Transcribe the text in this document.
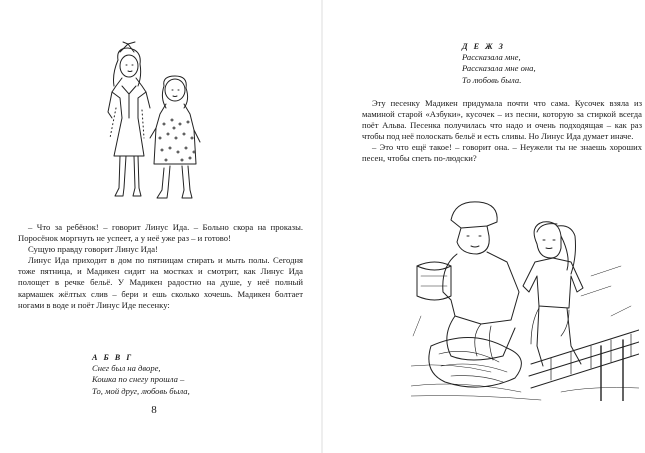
– Что за ребёнок! – говорит Линус Ида. – Больно скора на проказы. Поросёнок моргнуть не успеет, а у неё уже раз – и готово!

Сущую правду говорит Линус Ида!

Линус Ида приходит в дом по пятницам стирать и мыть полы. Сегодня тоже пятница, и Мадикен сидит на мостках и смотрит, как Линус Ида полощет в речке бельё. У Мадикен радостно на душе, у неё полный кармашек жёлтых слив – бери и ешь сколько хочешь. Мадикен болтает ногами в воде и поёт Линус Иде песенку:

А Б В Г
Снег был на дворе,
Кошка по снегу прошла –
То, мой друг, любовь была,
8
Д Е Ж З
Рассказала мне,
Рассказала мне она,
То любовь была.

Эту песенку Мадикен придумала почти что сама. Кусочек взяла из маминой старой «Азбуки», кусочек – из песни, которую за стиркой всегда поёт Альва. Песенка получилась что надо и очень подходящая – как раз чтобы под неё полоскать бельё и есть сливы. Но Линус Ида думает иначе.

– Это что ещё такое! – говорит она. – Неужели ты не знаешь хороших песен, чтобы спеть по-людски?
